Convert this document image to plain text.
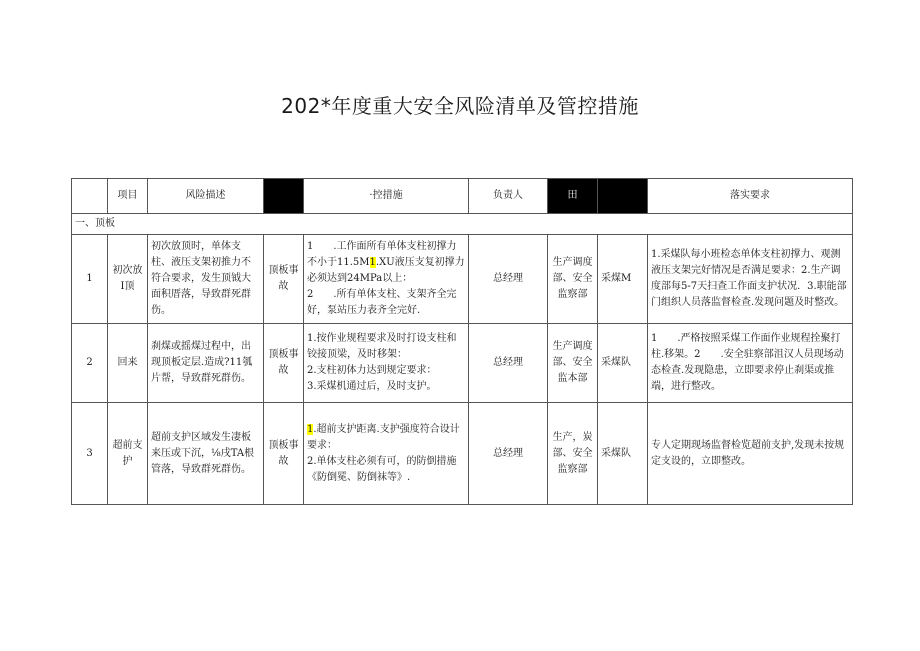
202*年度重大安全风险清单及管控措施
	项目	风险描述		·控措施	负责人	田		落实要求
一、顶板								
1	初次放I顶	初次放顶时，单体支柱、液压支架初推力不符合要求，发生顶钺大面积厝落，导致群死群伤。	顶板事故	1　　.工作面所有单体支柱初撑力不小于11.5M1.XU液压支复初撑力必须达到24MPa以上：
2　　.所有单体支柱、支架齐全完好，泵站压力表齐全完好.	总经理	生产调度部、安全监察部	采煤M	1.采煤队每小班检态单体支柱初撑力、观测液压支架完好情况是否满足要求：2.生产调度部每5-7天扫查工作面支护状况．3.职能部门组织人员落监督检查.发现问题及时整改。
2	回来	刹煤或摇煤过程中，出现顶板定层.造成?11瓠片帮，导致群死群伤。	顶板事故	1.按作业规程要求及时打设支柱和铰接顶梁，及时移架：
2.支柱初体力达到规定要求：
3.采煤机通过后，及时支护。	总经理	生产调度部、安全监本部	采煤队	1　　.严格按照采煤工作面作业规程拴聚打柱.移架。2　　.安全驻察部沮汉人员现场动态检查.发现隐患，立即要求停止刹渠或推端，进行整改。
3	超前支护	超前支护区域发生凄板来压或下沉，⅛戌TA根管落，导致群死群伤。	顶板事故	1.超前支护距离.支护强度符合设计要求：
2.单体支柱必须有可，的防倒措施《防倒冕、防倒袜等》.	总经理	生产，炭部、安全监察部	采煤队	专人定期现场监督检览超前支护,发现未按规定支设的，立即整改。
